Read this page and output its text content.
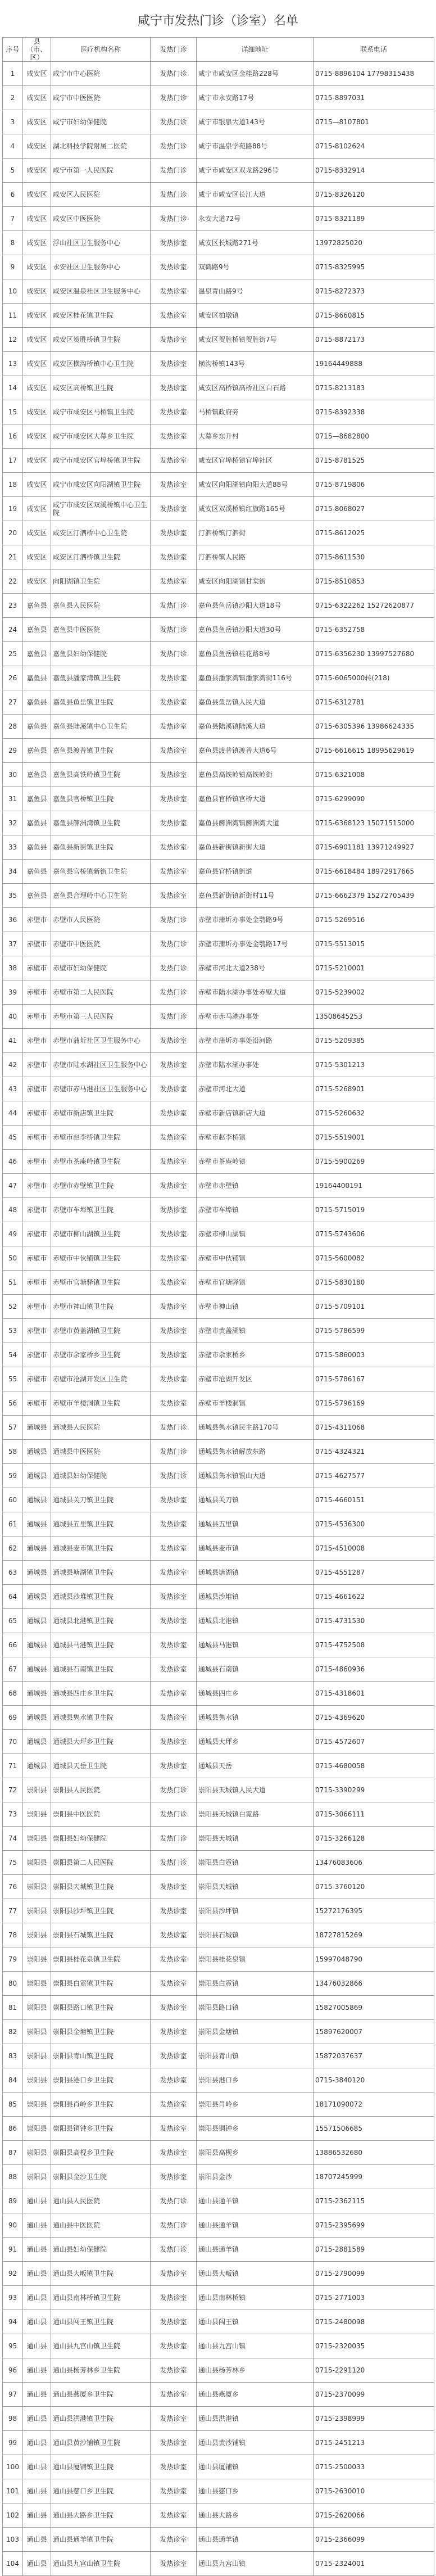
咸宁市发热门诊（诊室）名单
序号	县（市、区）	医疗机构名称	发热门诊	详细地址	联系电话
1	咸安区	咸宁市中心医院	发热门诊	咸宁市咸安区金桂路228号	0715-8896104 17798315438
2	咸安区	咸宁市中医医院	发热门诊	咸宁市永安路17号	0715-8897031
3	咸安区	咸宁市妇幼保健院	发热门诊	咸宁市银泉大道143号	0715—8107801
4	咸安区	湖北科技学院附属二医院	发热门诊	咸宁市温泉学苑路88号	0715-8102624
5	咸安区	咸宁市第一人民医院	发热门诊	咸宁市咸安区双龙路296号	0715-8332914
6	咸安区	咸安区人民医院	发热门诊	咸宁市咸安区长江大道	0715-8326120
7	咸安区	咸安区中医医院	发热门诊	永安大道72号	0715-8321189
8	咸安区	浮山社区卫生服务中心	发热诊室	咸安区长城路271号	13972825020
9	咸安区	永安社区卫生服务中心	发热诊室	双鹤路9号	0715-8325995
10	咸安区	咸安区温泉社区卫生服务中心	发热诊室	温泉青山路9号	0715-8272373
11	咸安区	咸安区桂花镇卫生院	发热诊室	咸安区柏墩镇	0715-8660815
12	咸安区	咸安区贺胜桥镇卫生院	发热诊室	咸安区贺胜桥镇贺胜街7号	0715-8872173
13	咸安区	咸安区横沟桥镇中心卫生院	发热诊室	横沟桥镇143号	19164449888
14	咸安区	咸安区高桥镇卫生院	发热诊室	咸安区高桥镇高桥社区白石路	0715-8213183
15	咸安区	咸宁市咸安区马桥镇卫生院	发热诊室	马桥镇政府旁	0715-8392338
16	咸安区	咸宁市咸安区大幕乡卫生院	发热诊室	大幕乡东升村	0715—8682800
17	咸安区	咸宁市咸安区官埠桥镇卫生院	发热诊室	咸安区官埠桥镇官埠社区	0715-8781525
18	咸安区	咸宁市咸安区向阳湖镇卫生院	发热诊室	咸安区向阳湖镇向阳大道88号	0715-8719806
19	咸安区	咸宁市咸安区双溪桥镇中心卫生院	发热诊室	咸安区双溪桥镇红旗路165号	0715-8068027
20	咸安区	咸安区汀泗桥中心卫生院	发热诊室	汀泗桥镇汀泗街	0715-8612025
21	咸安区	咸安区汀泗桥镇卫生院	发热诊室	汀泗桥镇人民路	0715-8611530
22	咸安区	向阳湖镇卫生院	发热诊室	咸安区向阳湖镇甘棠街	0715-8510853
23	嘉鱼县	嘉鱼县人民医院	发热门诊	嘉鱼县鱼岳镇沙阳大道18号	0715-6322262 15272620877
24	嘉鱼县	嘉鱼县中医医院	发热门诊	嘉鱼县鱼岳镇沙阳大道30号	0715-6352758
25	嘉鱼县	嘉鱼县妇幼保健院	发热门诊	嘉鱼县鱼岳镇桂花路8号	0715-6356230 13997527680
26	嘉鱼县	嘉鱼县潘家湾镇卫生院	发热诊室	嘉鱼县潘家湾镇潘家湾街116号	0715-6065000转(218)
27	嘉鱼县	嘉鱼县鱼岳镇卫生院	发热诊室	嘉鱼县鱼岳镇人民大道	0715-6312781
28	嘉鱼县	嘉鱼县陆溪镇中心卫生院	发热诊室	嘉鱼县陆溪镇陆溪大道	0715-6305396 13986624335
29	嘉鱼县	嘉鱼县渡普镇卫生院	发热诊室	嘉鱼县渡普镇渡普大道6号	0715-6616615 18995629619
30	嘉鱼县	嘉鱼县高铁岭镇卫生院	发热诊室	嘉鱼县高铁岭镇高铁岭街	0715-6321008
31	嘉鱼县	嘉鱼县官桥镇卫生院	发热诊室	嘉鱼县官桥镇官桥大道	0715-6299090
32	嘉鱼县	嘉鱼县簰洲湾镇卫生院	发热诊室	嘉鱼县簰洲湾镇簰洲湾大道	0715-6368123 15071515000
33	嘉鱼县	嘉鱼县新街镇卫生院	发热诊室	嘉鱼县新街镇新街大道	0715-6901181 13971249927
34	嘉鱼县	嘉鱼县官桥镇新街卫生院	发热诊室	嘉鱼县官桥镇街道	0715-6618484 18972917665
35	嘉鱼县	嘉鱼县合理岭中心卫生院	发热诊室	嘉鱼县新街镇新街村11号	0715-6662379 15272705439
36	赤壁市	赤壁市人民医院	发热门诊	赤壁市蒲圻办事处金鹗路9号	0715-5269516
37	赤壁市	赤壁市中医医院	发热门诊	赤壁市蒲圻办事处金鹗路17号	0715-5513015
38	赤壁市	赤壁市妇幼保健院	发热门诊	赤壁市河北大道238号	0715-5210001
39	赤壁市	赤壁市第二人民医院	发热门诊	赤壁市陆水湖办事处赤壁大道	0715-5239002
40	赤壁市	赤壁市第三人民医院	发热门诊	赤壁市赤马港办事处	13508645253
41	赤壁市	赤壁市蒲圻社区卫生服务中心	发热诊室	赤壁市蒲圻办事处沿河路	0715-5209385
42	赤壁市	赤壁市陆水湖社区卫生服务中心	发热诊室	赤壁市陆水湖办事处	0715-5301213
43	赤壁市	赤壁市赤马港社区卫生服务中心	发热诊室	赤壁市河北大道	0715-5268901
44	赤壁市	赤壁市新店镇卫生院	发热诊室	赤壁市新店镇新店大道	0715-5260632
45	赤壁市	赤壁市赵李桥镇卫生院	发热诊室	赤壁市赵李桥镇	0715-5519001
46	赤壁市	赤壁市茶庵岭镇卫生院	发热诊室	赤壁市茶庵岭镇	0715-5900269
47	赤壁市	赤壁市赤壁镇卫生院	发热诊室	赤壁市赤壁镇	19164400191
48	赤壁市	赤壁市车埠镇卫生院	发热诊室	赤壁市车埠镇	0715-5715019
49	赤壁市	赤壁市柳山湖镇卫生院	发热诊室	赤壁市柳山湖镇	0715-5743606
50	赤壁市	赤壁市中伙铺镇卫生院	发热诊室	赤壁市中伙铺镇	0715-5600082
51	赤壁市	赤壁市官塘驿镇卫生院	发热诊室	赤壁市官塘驿镇	0715-5830180
52	赤壁市	赤壁市神山镇卫生院	发热诊室	赤壁市神山镇	0715-5709101
53	赤壁市	赤壁市黄盖湖镇卫生院	发热诊室	赤壁市黄盖湖镇	0715-5786599
54	赤壁市	赤壁市余家桥乡卫生院	发热诊室	赤壁市余家桥乡	0715-5860003
55	赤壁市	赤壁市沧湖开发区卫生院	发热诊室	赤壁市沧湖开发区	0715-5786167
56	赤壁市	赤壁市羊楼洞镇卫生院	发热诊室	赤壁市羊楼洞镇	0715-5796169
57	通城县	通城县人民医院	发热门诊	通城县隽水镇民主路170号	0715-4311068
58	通城县	通城县中医医院	发热门诊	通城县隽水镇解放东路	0715-4324321
59	通城县	通城县妇幼保健院	发热门诊	通城县隽水镇银山大道	0715-4627577
60	通城县	通城县关刀镇卫生院	发热诊室	通城县关刀镇	0715-4660151
61	通城县	通城县五里镇卫生院	发热诊室	通城县五里镇	0715-4536300
62	通城县	通城县麦市镇卫生院	发热诊室	通城县麦市镇	0715-4510008
63	通城县	通城县塘湖镇卫生院	发热诊室	通城县塘湖镇	0715-4551287
64	通城县	通城县沙堆镇卫生院	发热诊室	通城县沙堆镇	0715-4661622
65	通城县	通城县北港镇卫生院	发热诊室	通城县北港镇	0715-4731530
66	通城县	通城县马港镇卫生院	发热诊室	通城县马港镇	0715-4752508
67	通城县	通城县石南镇卫生院	发热诊室	通城县石南镇	0715-4860936
68	通城县	通城县四庄乡卫生院	发热诊室	通城县四庄乡	0715-4318601
69	通城县	通城县隽水镇卫生院	发热诊室	通城县隽水镇	0715-4369620
70	通城县	通城县大坪乡卫生院	发热诊室	通城县大坪乡	0715-4572607
71	通城县	通城县天岳卫生院	发热诊室	通城县天岳	0715-4680058
72	崇阳县	崇阳县人民医院	发热门诊	崇阳县天城镇人民大道	0715-3390299
73	崇阳县	崇阳县中医医院	发热门诊	崇阳县天城镇白霓路	0715-3066111
74	崇阳县	崇阳县妇幼保健院	发热门诊	崇阳县天城镇	0715-3266128
75	崇阳县	崇阳县第二人民医院	发热门诊	崇阳县白霓镇	13476083606
76	崇阳县	崇阳县天城镇卫生院	发热诊室	崇阳县天城镇	0715-3760120
77	崇阳县	崇阳县沙坪镇卫生院	发热诊室	崇阳县沙坪镇	15272176395
78	崇阳县	崇阳县石城镇卫生院	发热诊室	崇阳县石城镇	18727815269
79	崇阳县	崇阳县桂花泉镇卫生院	发热诊室	崇阳县桂花泉镇	15997048790
80	崇阳县	崇阳县白霓镇卫生院	发热诊室	崇阳县白霓镇	13476032866
81	崇阳县	崇阳县路口镇卫生院	发热诊室	崇阳县路口镇	15827005869
82	崇阳县	崇阳县金塘镇卫生院	发热诊室	崇阳县金塘镇	15897620007
83	崇阳县	崇阳县青山镇卫生院	发热诊室	崇阳县青山镇	15872037637
84	崇阳县	崇阳县港口乡卫生院	发热诊室	崇阳县港口乡	0715-3840120
85	崇阳县	崇阳县肖岭乡卫生院	发热诊室	崇阳县肖岭乡	18171090072
86	崇阳县	崇阳县铜钟乡卫生院	发热诊室	崇阳县铜钟乡	15571506685
87	崇阳县	崇阳县高枧乡卫生院	发热诊室	崇阳县高枧乡	13886532680
88	崇阳县	崇阳县金沙卫生院	发热诊室	崇阳县金沙	18707245999
89	通山县	通山县人民医院	发热门诊	通山县通羊镇	0715-2362115
90	通山县	通山县中医医院	发热门诊	通山县通羊镇	0715-2395699
91	通山县	通山县妇幼保健院	发热门诊	通山县通羊镇	0715-2881589
92	通山县	通山县大畈镇卫生院	发热诊室	通山县大畈镇	0715-2790099
93	通山县	通山县南林桥镇卫生院	发热诊室	通山县南林桥镇	0715-2771003
94	通山县	通山县闯王镇卫生院	发热诊室	通山县闯王镇	0715-2480098
95	通山县	通山县九宫山镇卫生院	发热诊室	通山县九宫山镇	0715-2320035
96	通山县	通山县杨芳林乡卫生院	发热诊室	通山县杨芳林乡	0715-2291120
97	通山县	通山县燕厦乡卫生院	发热诊室	通山县燕厦乡	0715-2370099
98	通山县	通山县洪港镇卫生院	发热诊室	通山县洪港镇	0715-2398999
99	通山县	通山县黄沙铺镇卫生院	发热诊室	通山县黄沙铺镇	0715-2451213
100	通山县	通山县厦铺镇卫生院	发热诊室	通山县厦铺镇	0715-2500033
101	通山县	通山县慈口乡卫生院	发热诊室	通山县慈口乡	0715-2630010
102	通山县	通山县大路乡卫生院	发热诊室	通山县大路乡	0715-2620066
103	通山县	通山县通羊镇卫生院	发热诊室	通山县通羊镇	0715-2366099
104	通山县	通山县九宫山镇卫生院	发热诊室	通山县九宫山镇	0715-2324001
